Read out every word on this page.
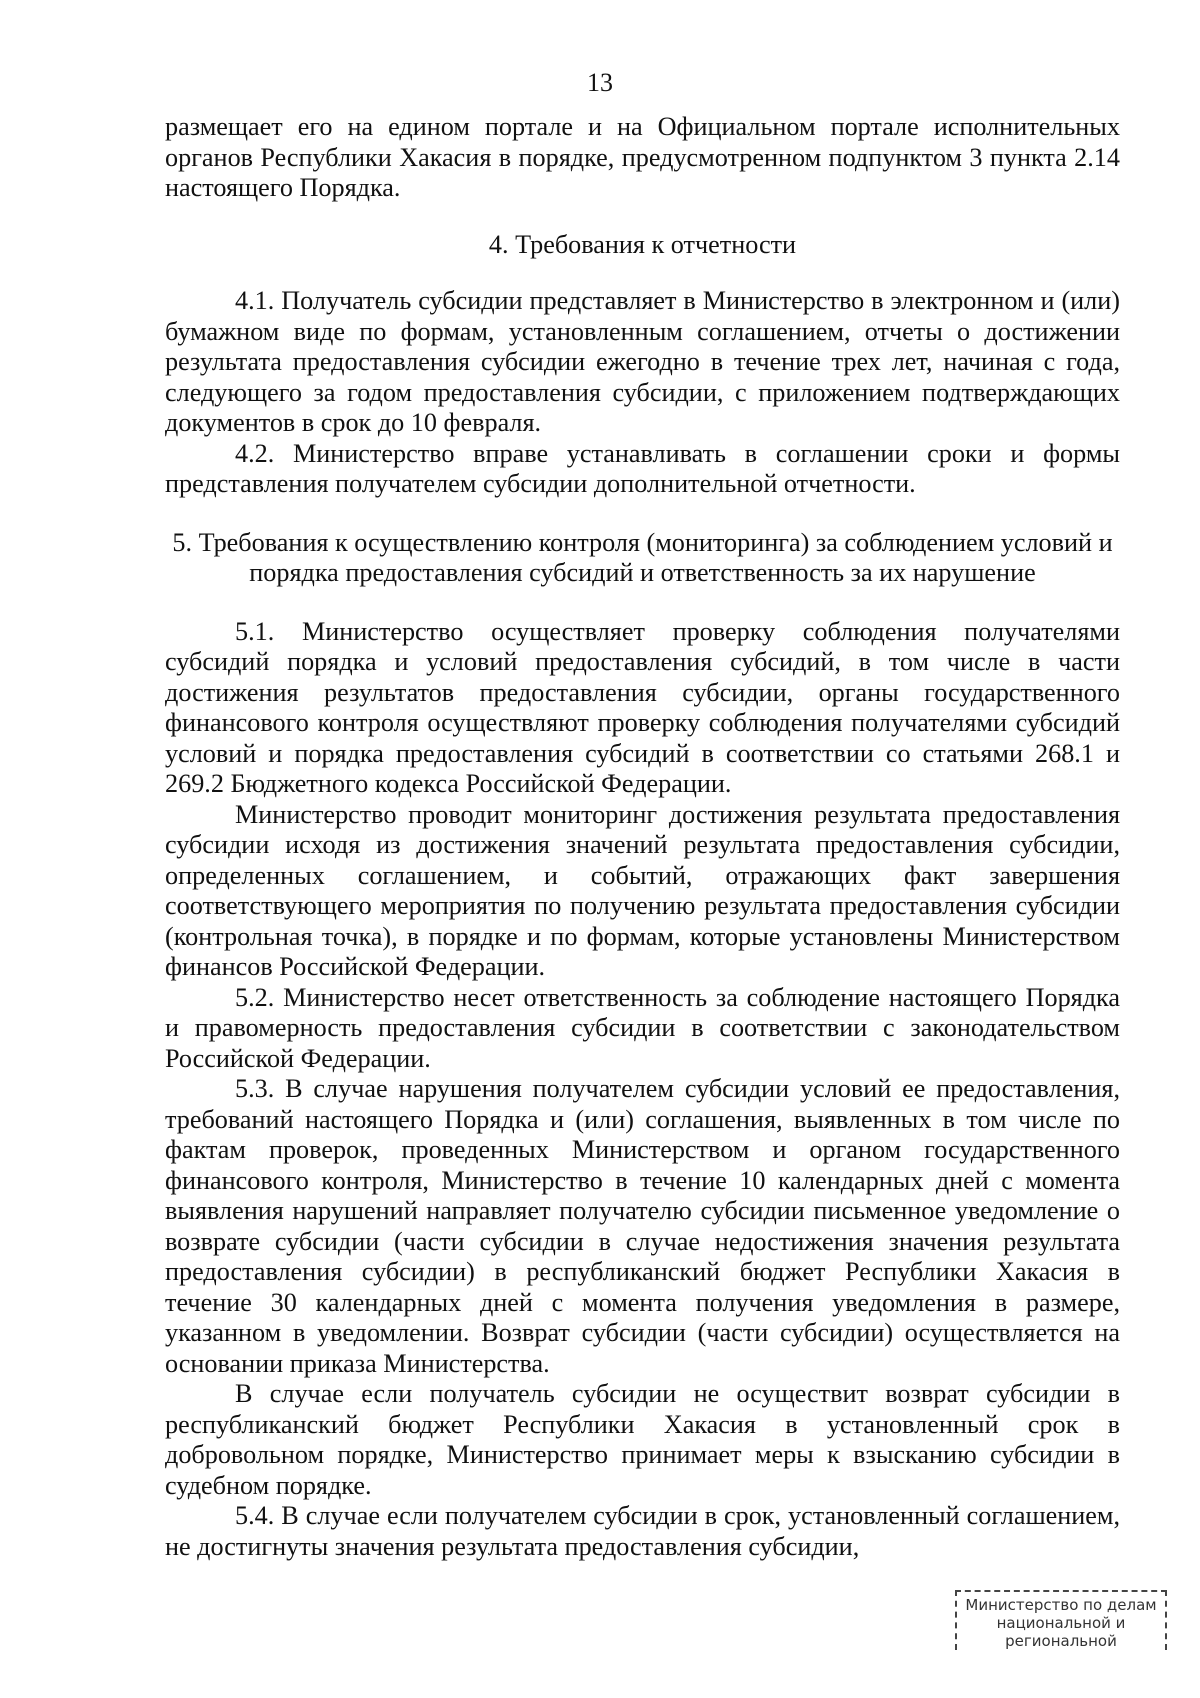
13

размещает его на едином портале и на Официальном портале исполнительных органов Республики Хакасия в порядке, предусмотренном подпунктом 3 пункта 2.14 настоящего Порядка.

4. Требования к отчетности

4.1. Получатель субсидии представляет в Министерство в электронном и (или) бумажном виде по формам, установленным соглашением, отчеты о достижении результата предоставления субсидии ежегодно в течение трех лет, начиная с года, следующего за годом предоставления субсидии, с приложением подтверждающих документов в срок до 10 февраля.

4.2. Министерство вправе устанавливать в соглашении сроки и формы представления получателем субсидии дополнительной отчетности.

5. Требования к осуществлению контроля (мониторинга) за соблюдением условий и порядка предоставления субсидий и ответственность за их нарушение

5.1. Министерство осуществляет проверку соблюдения получателями субсидий порядка и условий предоставления субсидий, в том числе в части достижения результатов предоставления субсидии, органы государственного финансового контроля осуществляют проверку соблюдения получателями субсидий условий и порядка предоставления субсидий в соответствии со статьями 268.1 и 269.2 Бюджетного кодекса Российской Федерации.

Министерство проводит мониторинг достижения результата предоставления субсидии исходя из достижения значений результата предоставления субсидии, определенных соглашением, и событий, отражающих факт завершения соответствующего мероприятия по получению результата предоставления субсидии (контрольная точка), в порядке и по формам, которые установлены Министерством финансов Российской Федерации.

5.2. Министерство несет ответственность за соблюдение настоящего Порядка и правомерность предоставления субсидии в соответствии с законодательством Российской Федерации.

5.3. В случае нарушения получателем субсидии условий ее предоставления, требований настоящего Порядка и (или) соглашения, выявленных в том числе по фактам проверок, проведенных Министерством и органом государственного финансового контроля, Министерство в течение 10 календарных дней с момента выявления нарушений направляет получателю субсидии письменное уведомление о возврате субсидии (части субсидии в случае недостижения значения результата предоставления субсидии) в республиканский бюджет Республики Хакасия в течение 30 календарных дней с момента получения уведомления в размере, указанном в уведомлении. Возврат субсидии (части субсидии) осуществляется на основании приказа Министерства.

В случае если получатель субсидии не осуществит возврат субсидии в республиканский бюджет Республики Хакасия в установленный срок в добровольном порядке, Министерство принимает меры к взысканию субсидии в судебном порядке.

5.4. В случае если получателем субсидии в срок, установленный соглашением, не достигнуты значения результата предоставления субсидии,

Министерство по делам
национальной и региональной
